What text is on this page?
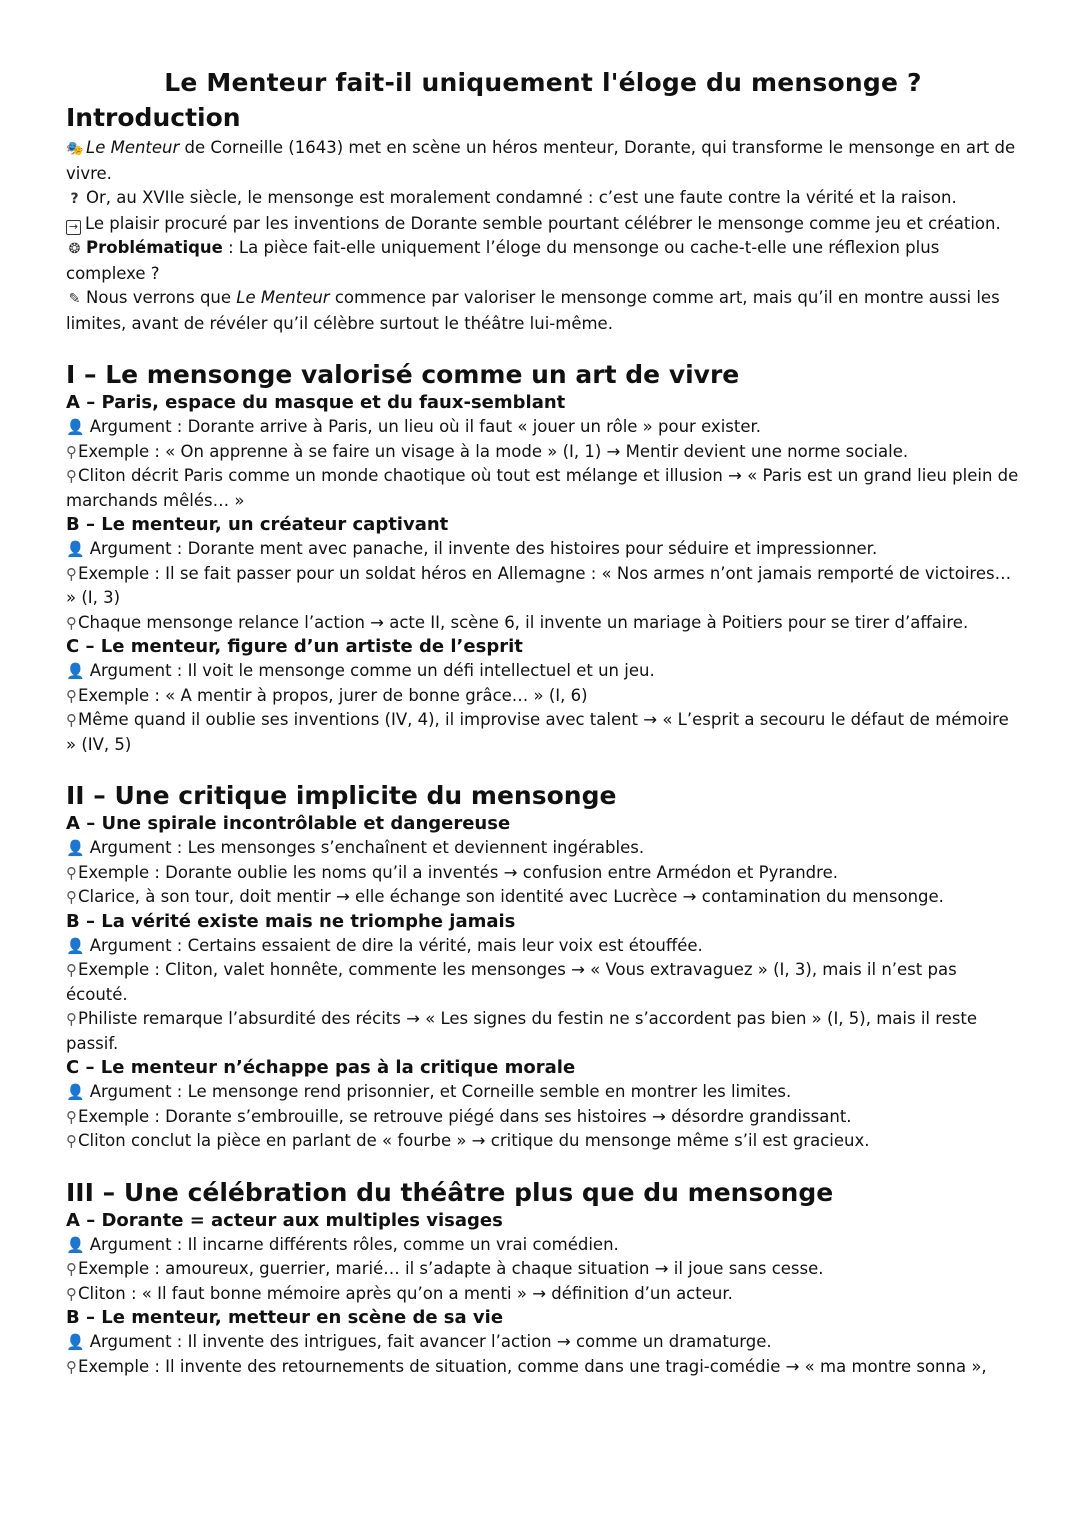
Le Menteur fait-il uniquement l'éloge du mensonge ?
Introduction

🎭 Le Menteur de Corneille (1643) met en scène un héros menteur, Dorante, qui transforme le mensonge en art de vivre.

? Or, au XVIIe siècle, le mensonge est moralement condamné : c’est une faute contre la vérité et la raison.

→ Le plaisir procuré par les inventions de Dorante semble pourtant célébrer le mensonge comme jeu et création.

❂ Problématique : La pièce fait-elle uniquement l’éloge du mensonge ou cache-t-elle une réflexion plus complexe ?

✎ Nous verrons que Le Menteur commence par valoriser le mensonge comme art, mais qu’il en montre aussi les limites, avant de révéler qu’il célèbre surtout le théâtre lui-même.

I – Le mensonge valorisé comme un art de vivre
A – Paris, espace du masque et du faux-semblant

👤 Argument : Dorante arrive à Paris, un lieu où il faut « jouer un rôle » pour exister.

⚲Exemple : « On apprenne à se faire un visage à la mode » (I, 1) → Mentir devient une norme sociale.

⚲Cliton décrit Paris comme un monde chaotique où tout est mélange et illusion → « Paris est un grand lieu plein de marchands mêlés… »

B – Le menteur, un créateur captivant

👤 Argument : Dorante ment avec panache, il invente des histoires pour séduire et impressionner.

⚲Exemple : Il se fait passer pour un soldat héros en Allemagne : « Nos armes n’ont jamais remporté de victoires… » (I, 3)

⚲Chaque mensonge relance l’action → acte II, scène 6, il invente un mariage à Poitiers pour se tirer d’affaire.

C – Le menteur, figure d’un artiste de l’esprit

👤 Argument : Il voit le mensonge comme un défi intellectuel et un jeu.

⚲Exemple : « A mentir à propos, jurer de bonne grâce… » (I, 6)

⚲Même quand il oublie ses inventions (IV, 4), il improvise avec talent → « L’esprit a secouru le défaut de mémoire » (IV, 5)

II – Une critique implicite du mensonge
A – Une spirale incontrôlable et dangereuse

👤 Argument : Les mensonges s’enchaînent et deviennent ingérables.

⚲Exemple : Dorante oublie les noms qu’il a inventés → confusion entre Armédon et Pyrandre.

⚲Clarice, à son tour, doit mentir → elle échange son identité avec Lucrèce → contamination du mensonge.

B – La vérité existe mais ne triomphe jamais

👤 Argument : Certains essaient de dire la vérité, mais leur voix est étouffée.

⚲Exemple : Cliton, valet honnête, commente les mensonges → « Vous extravaguez » (I, 3), mais il n’est pas écouté.

⚲Philiste remarque l’absurdité des récits → « Les signes du festin ne s’accordent pas bien » (I, 5), mais il reste passif.

C – Le menteur n’échappe pas à la critique morale

👤 Argument : Le mensonge rend prisonnier, et Corneille semble en montrer les limites.

⚲Exemple : Dorante s’embrouille, se retrouve piégé dans ses histoires → désordre grandissant.

⚲Cliton conclut la pièce en parlant de « fourbe » → critique du mensonge même s’il est gracieux.

III – Une célébration du théâtre plus que du mensonge
A – Dorante = acteur aux multiples visages

👤 Argument : Il incarne différents rôles, comme un vrai comédien.

⚲Exemple : amoureux, guerrier, marié… il s’adapte à chaque situation → il joue sans cesse.

⚲Cliton : « Il faut bonne mémoire après qu’on a menti » → définition d’un acteur.

B – Le menteur, metteur en scène de sa vie

👤 Argument : Il invente des intrigues, fait avancer l’action → comme un dramaturge.

⚲Exemple : Il invente des retournements de situation, comme dans une tragi-comédie → « ma montre sonna »,
